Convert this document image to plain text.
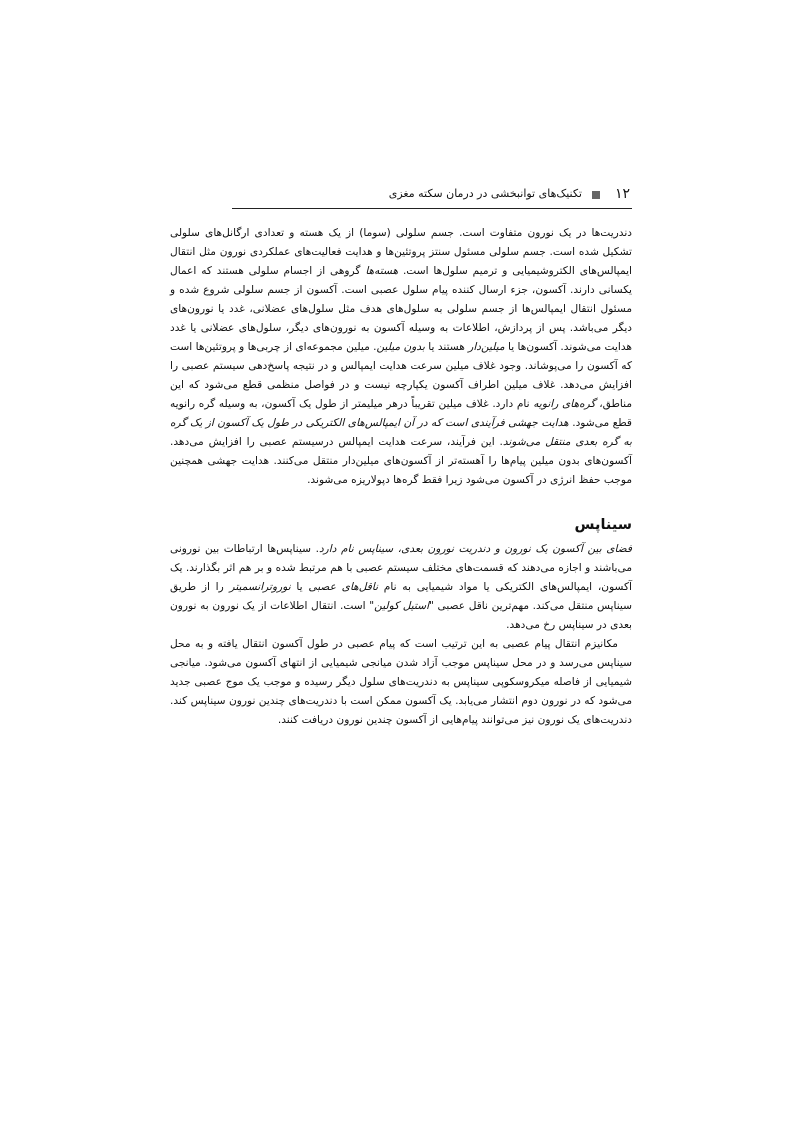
۱۲
تکنیک‌های توانبخشی در درمان سکته مغزی

دندریت‌ها در یک نورون متفاوت است. جسم سلولی (سوما) از یک هسته و تعدادی ارگانل‌های سلولی تشکیل شده است. جسم سلولی مسئول سنتز پروتئین‌ها و هدایت فعالیت‌های عملکردی نورون مثل انتقال ایمپالس‌های الکتروشیمیایی و ترمیم سلول‌ها است. هسته‌ها گروهی از اجسام سلولی هستند که اعمال یکسانی دارند. آکسون، جزء ارسال کننده پیام سلول عصبی است. آکسون از جسم سلولی شروع شده و مسئول انتقال ایمپالس‌ها از جسم سلولی به سلول‌های هدف مثل سلول‌های عضلانی، غدد یا نورون‌های دیگر می‌باشد. پس از پردازش، اطلاعات به وسیله آکسون به نورون‌های دیگر، سلول‌های عضلانی یا غدد هدایت می‌شوند. آکسون‌ها یا میلین‌دار هستند یا بدون میلین. میلین مجموعه‌ای از چربی‌ها و پروتئین‌ها است که آکسون را می‌پوشاند. وجود غلاف میلین سرعت هدایت ایمپالس و در نتیجه پاسخ‌دهی سیستم عصبی را افزایش می‌دهد. غلاف میلین اطراف آکسون یکپارچه نیست و در فواصل منظمی قطع می‌شود که این مناطق، گره‌های رانویه نام دارد. غلاف میلین تقریباً درهر میلیمتر از طول یک آکسون، به وسیله گره رانویه قطع می‌شود. هدایت جهشی فرآیندی است که در آن ایمپالس‌های الکتریکی در طول یک آکسون از یک گره به گره بعدی منتقل می‌شوند. این فرآیند، سرعت هدایت ایمپالس درسیستم عصبی را افزایش می‌دهد. آکسون‌های بدون میلین پیام‌ها را آهسته‌تر از آکسون‌های میلین‌دار منتقل می‌کنند. هدایت جهشی همچنین موجب حفظ انرژی در آکسون می‌شود زیرا فقط گره‌ها دپولاریزه می‌شوند.

سیناپس

فضای بین آکسون یک نورون و دندریت نورون بعدی، سیناپس نام دارد. سیناپس‌ها ارتباطات بین نورونی می‌باشند و اجازه می‌دهند که قسمت‌های مختلف سیستم عصبی با هم مرتبط شده و بر هم اثر بگذارند. یک آکسون، ایمپالس‌های الکتریکی یا مواد شیمیایی به نام ناقل‌های عصبی یا نوروترانسمیتر را از طریق سیناپس منتقل می‌کند. مهم‌ترین ناقل عصبی "استیل کولین" است. انتقال اطلاعات از یک نورون به نورون بعدی در سیناپس رخ می‌دهد.

مکانیزم انتقال پیام عصبی به این ترتیب است که پیام عصبی در طول آکسون انتقال یافته و به محل سیناپس می‌رسد و در محل سیناپس موجب آزاد شدن میانجی شیمیایی از انتهای آکسون می‌شود. میانجی شیمیایی از فاصله میکروسکوپی سیناپس به دندریت‌های سلول دیگر رسیده و موجب یک موج عصبی جدید می‌شود که در نورون دوم انتشار می‌یابد. یک آکسون ممکن است با دندریت‌های چندین نورون سیناپس کند. دندریت‌های یک نورون نیز می‌توانند پیام‌هایی از آکسون چندین نورون دریافت کنند.
